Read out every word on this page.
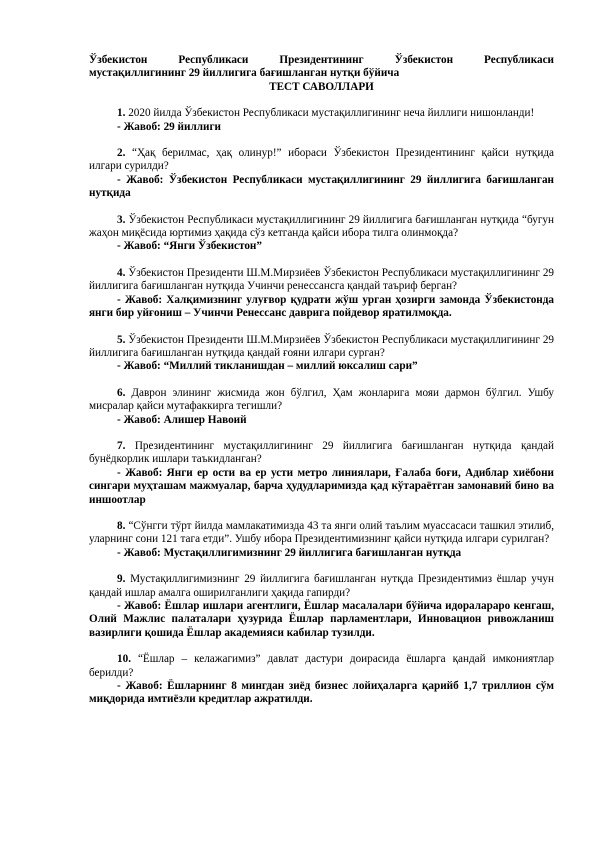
Ўзбекистон Республикаси Президентининг Ўзбекистон Республикаси
мустақиллигининг 29 йиллигига бағишланган нутқи бўйича
ТЕСТ САВОЛЛАРИ
1. 2020 йилда Ўзбекистон Республикаси мустақиллигининг неча йиллиги нишонланди!
- Жавоб: 29 йиллиги
2. “Ҳақ берилмас, ҳақ олинур!” ибораси Ўзбекистон Президентининг қайси нутқида илгари сурилди?
- Жавоб: Ўзбекистон Республикаси мустақиллигининг 29 йиллигига бағишланган нутқида
3. Ўзбекистон Республикаси мустақиллигининг 29 йиллигига бағишланган нутқида “бугун жаҳон миқёсида юртимиз ҳақида сўз кетганда қайси ибора тилга олинмоқда?
- Жавоб: “Янги Ўзбекистон”
4. Ўзбекистон Президенти Ш.М.Мирзиёев Ўзбекистон Республикаси мустақиллигининг 29 йиллигига бағишланган нутқида Учинчи ренессансга қандай таъриф берган?
- Жавоб: Халқимизнинг улуғвор қудрати жўш урган ҳозирги замонда Ўзбекистонда янги бир уйғониш – Учинчи Ренессанс даврига пойдевор яратилмоқда.
5. Ўзбекистон Президенти Ш.М.Мирзиёев Ўзбекистон Республикаси мустақиллигининг 29 йиллигига бағишланган нутқида қандай ғояни илгари сурган?
- Жавоб: “Миллий тикланишдан – миллий юксалиш сари”
6. Даврон элининг жисмида жон бўлгил, Ҳам жонларига мояи дармон бўлгил. Ушбу мисралар қайси мутафаккирга тегишли?
- Жавоб: Алишер Навоий
7. Президентининг мустақиллигининг 29 йиллигига бағишланган нутқида қандай бунёдкорлик ишлари таъкидланган?
- Жавоб: Янги ер ости ва ер усти метро линиялари, Ғалаба боғи, Адиблар хиёбони сингари муҳташам мажмуалар, барча ҳудудларимизда қад кўтараётган замонавий бино ва иншоотлар
8. “Сўнгги тўрт йилда мамлакатимизда 43 та янги олий таълим муассасаси ташкил этилиб, уларнинг сони 121 тага етди”. Ушбу ибора Президентимизнинг қайси нутқида илгари сурилган?
- Жавоб: Мустақиллигимизнинг 29 йиллигига бағишланган нутқда
9. Мустақиллигимизнинг 29 йиллигига бағишланган нутқда Президентимиз ёшлар учун қандай ишлар амалга оширилганлиги ҳақида гапирди?
- Жавоб: Ёшлар ишлари агентлиги, Ёшлар масалалари бўйича идоралараро кенгаш, Олий Мажлис палаталари ҳузурида Ёшлар парламентлари, Инновацион ривожланиш вазирлиги қошида Ёшлар академияси кабилар тузилди.
10. “Ёшлар – келажагимиз” давлат дастури доирасида ёшларга қандай имкониятлар берилди?
- Жавоб: Ёшларнинг 8 мингдан зиёд бизнес лойиҳаларга қарийб 1,7 триллион сўм миқдорида имтиёзли кредитлар ажратилди.
